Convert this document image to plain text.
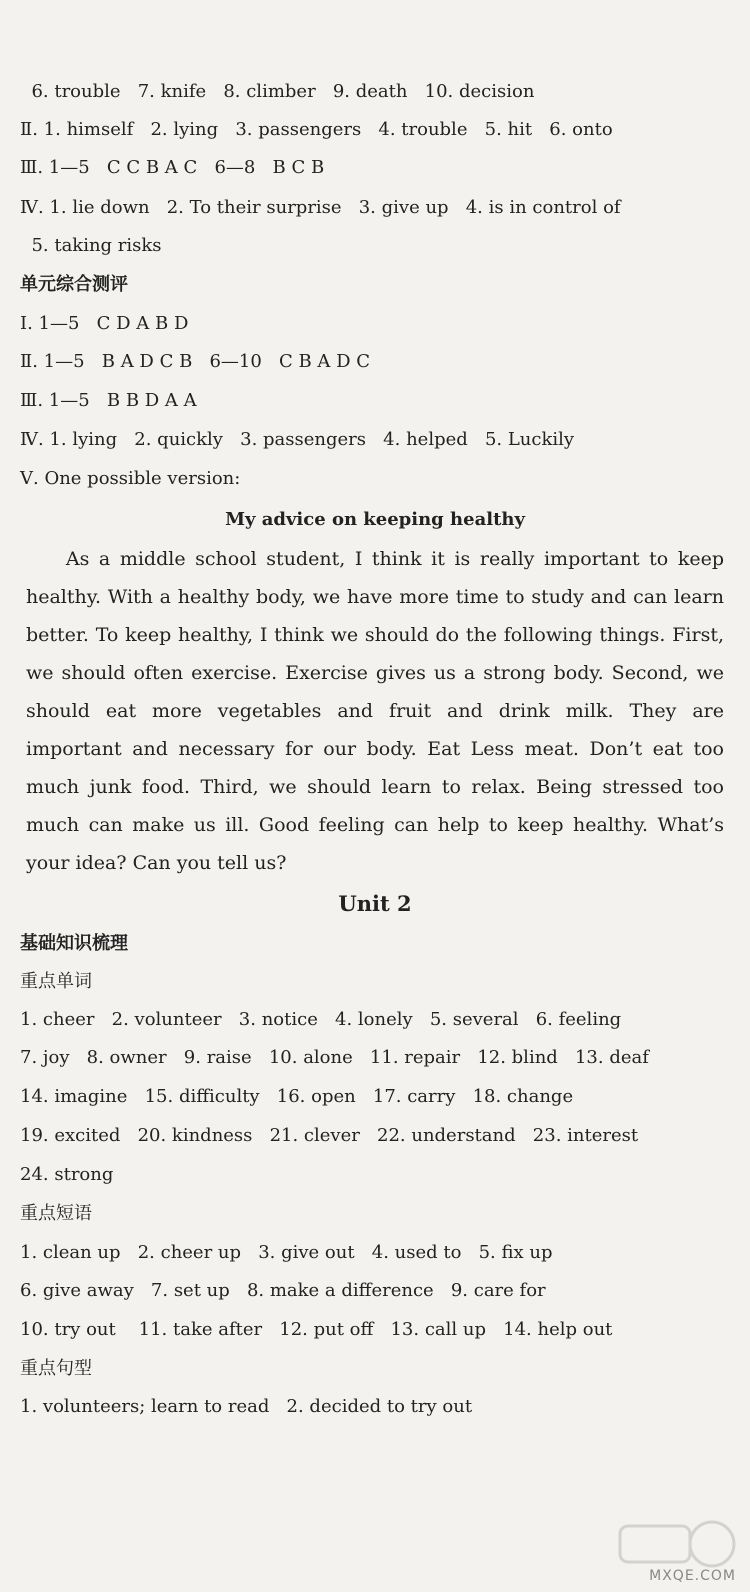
6. trouble   7. knife   8. climber   9. death   10. decision
Ⅱ. 1. himself   2. lying   3. passengers   4. trouble   5. hit   6. onto
Ⅲ. 1—5   C C B A C   6—8   B C B
Ⅳ. 1. lie down   2. To their surprise   3. give up   4. is in control of
5. taking risks
单元综合测评
Ⅰ. 1—5   C D A B D
Ⅱ. 1—5   B A D C B   6—10   C B A D C
Ⅲ. 1—5   B B D A A
Ⅳ. 1. lying   2. quickly   3. passengers   4. helped   5. Luckily
Ⅴ. One possible version:
My advice on keeping healthy

As a middle school student, I think it is really important to keep healthy. With a healthy body, we have more time to study and can learn better. To keep healthy, I think we should do the following things. First, we should often exercise. Exercise gives us a strong body. Second, we should eat more vegetables and fruit and drink milk. They are important and necessary for our body. Eat Less meat. Don’t eat too much junk food. Third, we should learn to relax. Being stressed too much can make us ill. Good feeling can help to keep healthy. What’s your idea? Can you tell us?

Unit 2
基础知识梳理
重点单词
1. cheer   2. volunteer   3. notice   4. lonely   5. several   6. feeling
7. joy   8. owner   9. raise   10. alone   11. repair   12. blind   13. deaf
14. imagine   15. difficulty   16. open   17. carry   18. change
19. excited   20. kindness   21. clever   22. understand   23. interest
24. strong
重点短语
1. clean up   2. cheer up   3. give out   4. used to   5. fix up
6. give away   7. set up   8. make a difference   9. care for
10. try out    11. take after   12. put off   13. call up   14. help out
重点句型
1. volunteers; learn to read   2. decided to try out
MXQE.COM
